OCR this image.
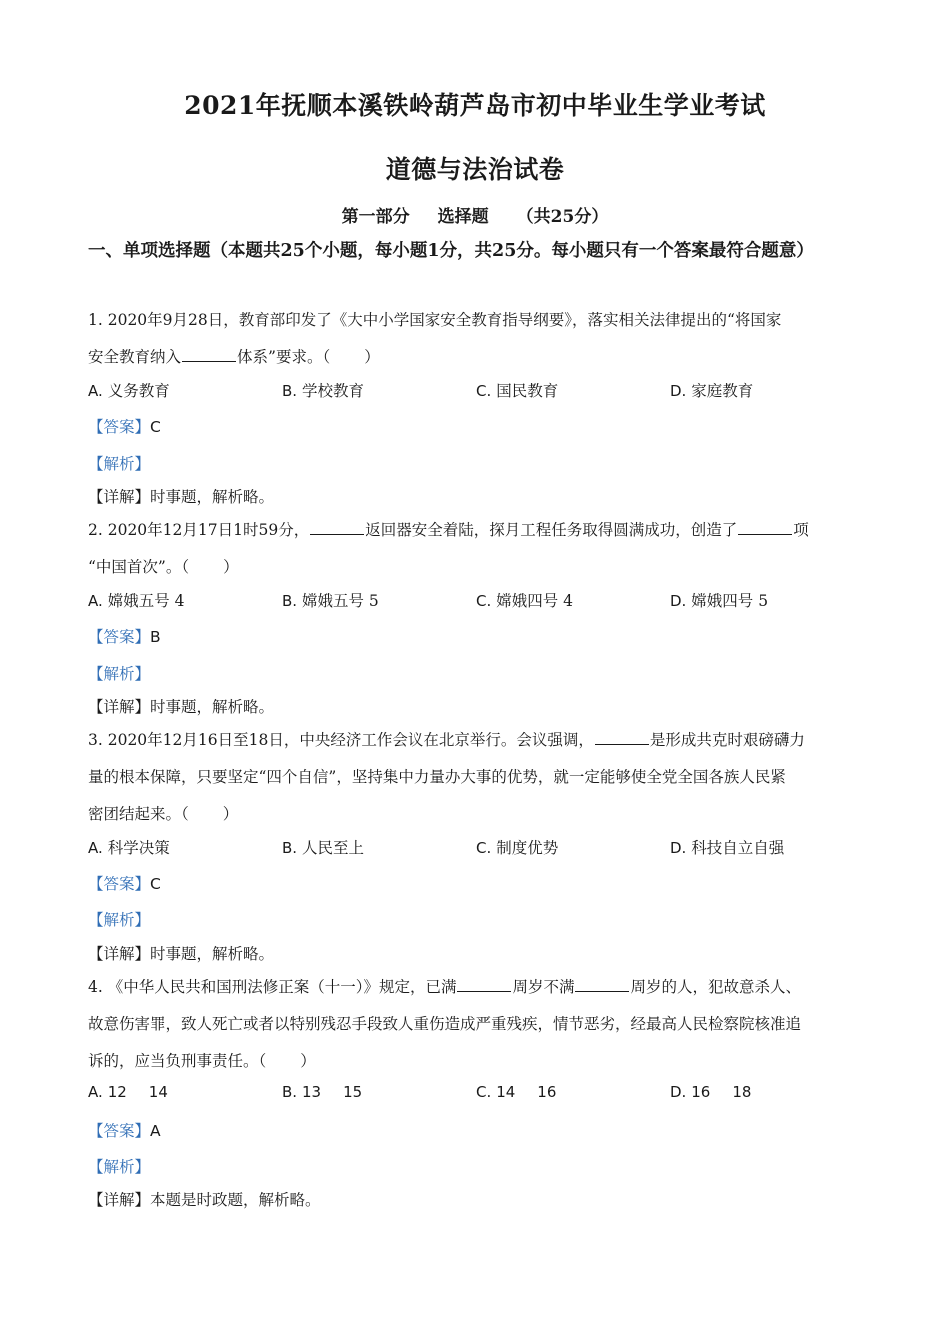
2021年抚顺本溪铁岭葫芦岛市初中毕业生学业考试
道德与法治试卷
第一部分 选择题 （共25分）
一、单项选择题（本题共25个小题，每小题1分，共25分。每小题只有一个答案最符合题意）
1. 2020年9月28日，教育部印发了《大中小学国家安全教育指导纲要》，落实相关法律提出的“将国家
安全教育纳入	体系”要求。（ ）
A. 义务教育	B. 学校教育	C. 国民教育	D. 家庭教育
【答案】C
【解析】
【详解】时事题，解析略。
2. 2020年12月17日1时59分，	返回器安全着陆，探月工程任务取得圆满成功，创造了	项
“中国首次”。（ ）
A. 嫦娥五号 4	B. 嫦娥五号 5	C. 嫦娥四号 4	D. 嫦娥四号 5
【答案】B
【解析】
【详解】时事题，解析略。
3. 2020年12月16日至18日，中央经济工作会议在北京举行。会议强调，	是形成共克时艰磅礴力
量的根本保障，只要坚定“四个自信”，坚持集中力量办大事的优势，就一定能够使全党全国各族人民紧
密团结起来。（ ）
A. 科学决策	B. 人民至上	C. 制度优势	D. 科技自立自强
【答案】C
【解析】
【详解】时事题，解析略。
4. 《中华人民共和国刑法修正案（十一）》规定，已满	周岁不满	周岁的人，犯故意杀人、
故意伤害罪，致人死亡或者以特别残忍手段致人重伤造成严重残疾，情节恶劣，经最高人民检察院核准追
诉的，应当负刑事责任。（ ）
A. 12 14	B. 13 15	C. 14 16	D. 16 18
【答案】A
【解析】
【详解】本题是时政题，解析略。
